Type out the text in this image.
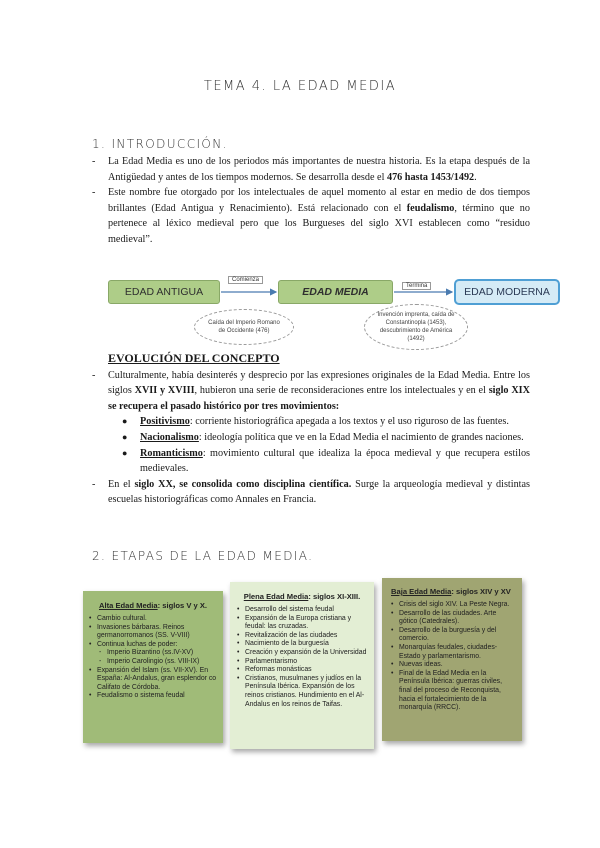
TEMA 4. LA EDAD MEDIA
1. INTRODUCCIÓN.
- La Edad Media es uno de los periodos más importantes de nuestra historia. Es la etapa después de la Antigüedad y antes de los tiempos modernos. Se desarrolla desde el 476 hasta 1453/1492.
- Este nombre fue otorgado por los intelectuales de aquel momento al estar en medio de dos tiempos brillantes (Edad Antigua y Renacimiento). Está relacionado con el feudalismo, término que no pertenece al léxico medieval pero que los Burgueses del siglo XVI establecen como “residuo medieval”.
EDAD ANTIGUA	EDAD MEDIA	EDAD MODERNA
Comienza
Termina
Caída del Imperio Romano de Occidente (476)
Invención imprenta, caída de Constantinopla (1453), descubrimiento de América (1492)
EVOLUCIÓN DEL CONCEPTO
- Culturalmente, había desinterés y desprecio por las expresiones originales de la Edad Media. Entre los siglos XVII y XVIII, hubieron una serie de reconsideraciones entre los intelectuales y en el siglo XIX se recupera el pasado histórico por tres movimientos:
● Positivismo: corriente historiográfica apegada a los textos y el uso riguroso de las fuentes.
● Nacionalismo: ideología política que ve en la Edad Media el nacimiento de grandes naciones.
● Romanticismo: movimiento cultural que idealiza la época medieval y que recupera estilos medievales.
- En el siglo XX, se consolida como disciplina científica. Surge la arqueología medieval y distintas escuelas historiográficas como Annales en Francia.
2. ETAPAS DE LA EDAD MEDIA.
Alta Edad Media: siglos V y X.
• Cambio cultural.
• Invasiones bárbaras. Reinos germanorromanos (SS. V-VIII)
• Continua luchas de poder:
- Imperio Bizantino (ss.IV-XV)
- Imperio Carolingio (ss. VIII-IX)
• Expansión del Islam (ss. VII-XV). En España: Al-Andalus, gran esplendor co Califato de Córdoba.
• Feudalismo o sistema feudal
Plena Edad Media: siglos XI-XIII.
• Desarrollo del sistema feudal
• Expansión de la Europa cristiana y feudal: las cruzadas.
• Revitalización de las ciudades
• Nacimiento de la burguesía
• Creación y expansión de la Universidad
• Parlamentarismo
• Reformas monásticas
• Cristianos, musulmanes y judíos en la Península Ibérica. Expansión de los reinos cristianos. Hundimiento en el Al-Andalus en los reinos de Taifas.
Baja Edad Media: siglos XIV y XV
• Crisis del siglo XIV. La Peste Negra.
• Desarrollo de las ciudades. Arte gótico (Catedrales).
• Desarrollo de la burguesía y del comercio.
• Monarquías feudales, ciudades-Estado y parlamentarismo.
• Nuevas ideas.
• Final de la Edad Media en la Península Ibérica: guerras civiles, final del proceso de Reconquista, hacia el fortalecimiento de la monarquía (RRCC).
